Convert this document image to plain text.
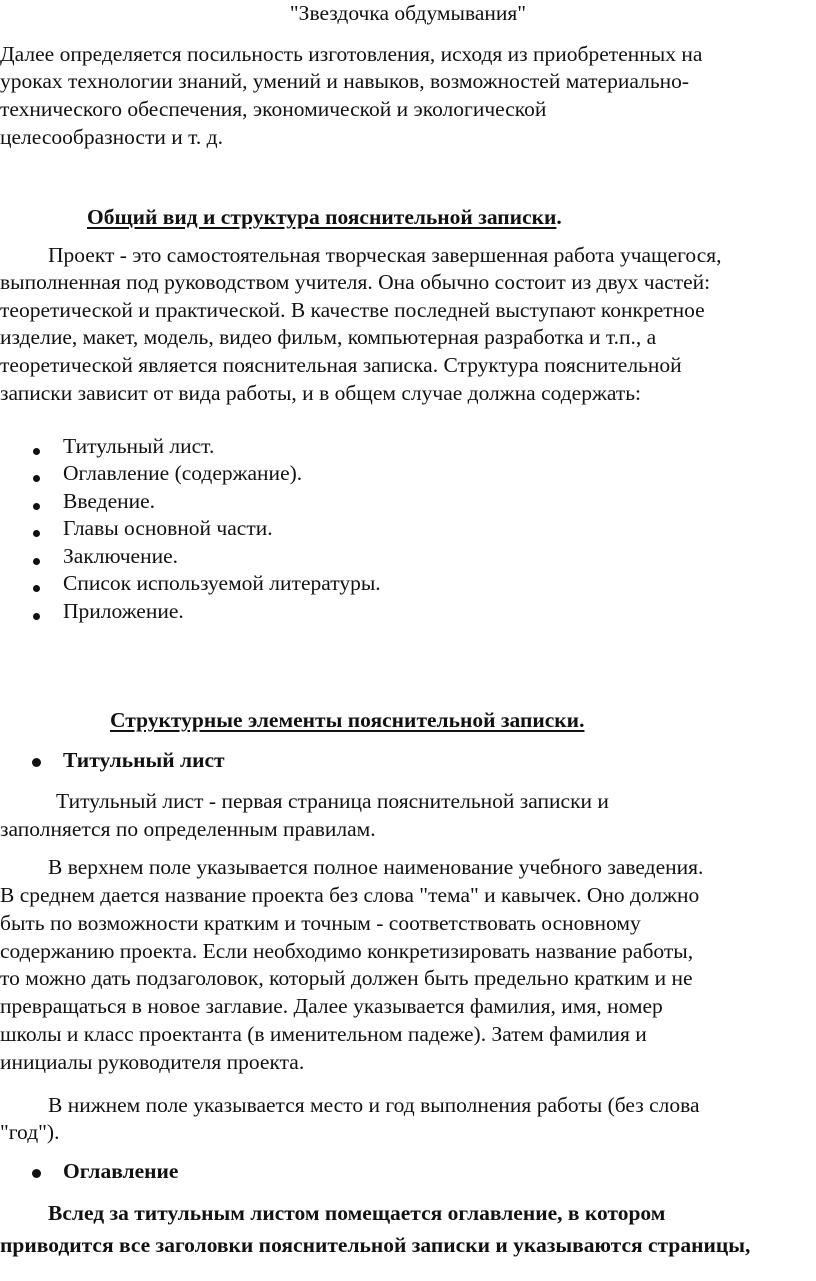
"Звездочка обдумывания"
Далее определяется посильность изготовления, исходя из приобретенных на
уроках технологии знаний, умений и навыков, возможностей материально-
технического обеспечения, экономической и экологической
целесообразности и т. д.
Общий вид и структура пояснительной записки.
Проект - это самостоятельная творческая завершенная работа учащегося,
выполненная под руководством учителя. Она обычно состоит из двух частей:
теоретической и практической. В качестве последней выступают конкретное
изделие, макет, модель, видео фильм, компьютерная разработка и т.п., а
теоретической является пояснительная записка. Структура пояснительной
записки зависит от вида работы, и в общем случае должна содержать:
Титульный лист.
Оглавление (содержание).
Введение.
Главы основной части.
Заключение.
Список используемой литературы.
Приложение.
Структурные элементы пояснительной записки.
Титульный лист
Титульный лист - первая страница пояснительной записки и
заполняется по определенным правилам.
В верхнем поле указывается полное наименование учебного заведения.
В среднем дается название проекта без слова "тема" и кавычек. Оно должно
быть по возможности кратким и точным - соответствовать основному
содержанию проекта. Если необходимо конкретизировать название работы,
то можно дать подзаголовок, который должен быть предельно кратким и не
превращаться в новое заглавие. Далее указывается фамилия, имя, номер
школы и класс проектанта (в именительном падеже). Затем фамилия и
инициалы руководителя проекта.
В нижнем поле указывается место и год выполнения работы (без слова
"год").
Оглавление
Вслед за титульным листом помещается оглавление, в котором
приводится все заголовки пояснительной записки и указываются страницы,
